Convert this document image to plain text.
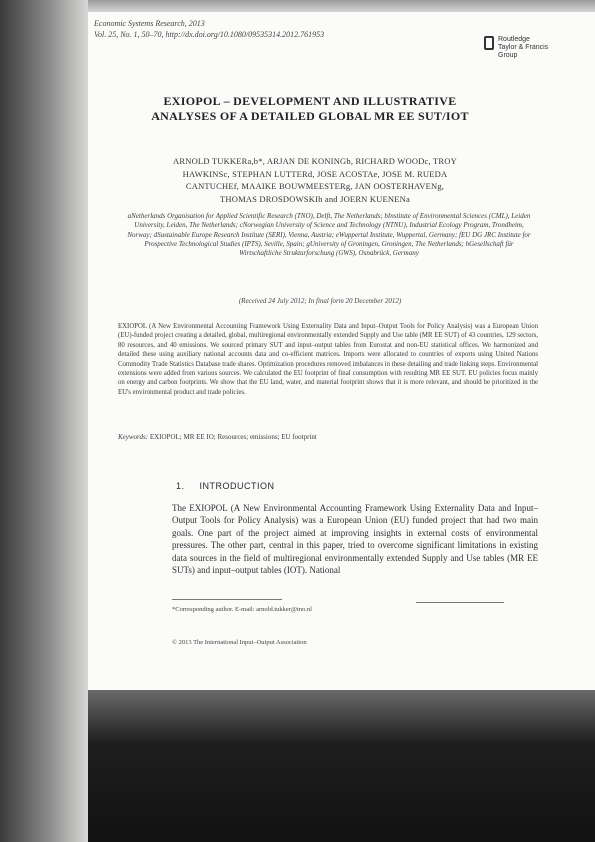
Economic Systems Research, 2013
Vol. 25, No. 1, 50–70, http://dx.doi.org/10.1080/09535314.2012.761953
Routledge
Taylor & Francis Group
EXIOPOL – DEVELOPMENT AND ILLUSTRATIVE ANALYSES OF A DETAILED GLOBAL MR EE SUT/IOT
ARNOLD TUKKERa,b*, ARJAN DE KONINGb, RICHARD WOODc, TROY HAWKINSc, STEPHAN LUTTERd, JOSE ACOSTAe, JOSE M. RUEDA CANTUCHEf, MAAIKE BOUWMEESTERg, JAN OOSTERHAVENg, THOMAS DROSDOWSKIh and JOERN KUENENa
aNetherlands Organisation for Applied Scientific Research (TNO), Delft, The Netherlands; bInstitute of Environmental Sciences (CML), Leiden University, Leiden, The Netherlands; cNorwegian University of Science and Technology (NTNU), Industrial Ecology Program, Trondheim, Norway; dSustainable Europe Research Institute (SERI), Vienna, Austria; eWuppertal Institute, Wuppertal, Germany; fEU DG JRC Institute for Prospective Technological Studies (IPTS), Seville, Spain; gUniversity of Groningen, Groningen, The Netherlands; hGesellschaft für Wirtschaftliche Strukturforschung (GWS), Osnabrück, Germany
(Received 24 July 2012; In final form 20 December 2012)
EXIOPOL (A New Environmental Accounting Framework Using Externality Data and Input–Output Tools for Policy Analysis) was a European Union (EU)-funded project creating a detailed, global, multiregional environmentally extended Supply and Use table (MR EE SUT) of 43 countries, 129 sectors, 80 resources, and 40 emissions. We sourced primary SUT and input–output tables from Eurostat and non-EU statistical offices. We harmonized and detailed these using auxiliary national accounts data and co-efficient matrices. Imports were allocated to countries of exports using United Nations Commodity Trade Statistics Database trade shares. Optimization procedures removed imbalances in these detailing and trade linking steps. Environmental extensions were added from various sources. We calculated the EU footprint of final consumption with resulting MR EE SUT. EU policies focus mainly on energy and carbon footprints. We show that the EU land, water, and material footprint shows that it is more relevant, and should be prioritized in the EU's environmental product and trade policies.
Keywords: EXIOPOL; MR EE IO; Resources; emissions; EU footprint
1. INTRODUCTION
The EXIOPOL (A New Environmental Accounting Framework Using Externality Data and Input–Output Tools for Policy Analysis) was a European Union (EU) funded project that had two main goals. One part of the project aimed at improving insights in external costs of environmental pressures. The other part, central in this paper, tried to overcome significant limitations in existing data sources in the field of multiregional environmentally extended Supply and Use tables (MR EE SUTs) and input–output tables (IOT). National
*Corresponding author. E-mail: arnold.tukker@tno.nl
© 2013 The International Input–Output Association
